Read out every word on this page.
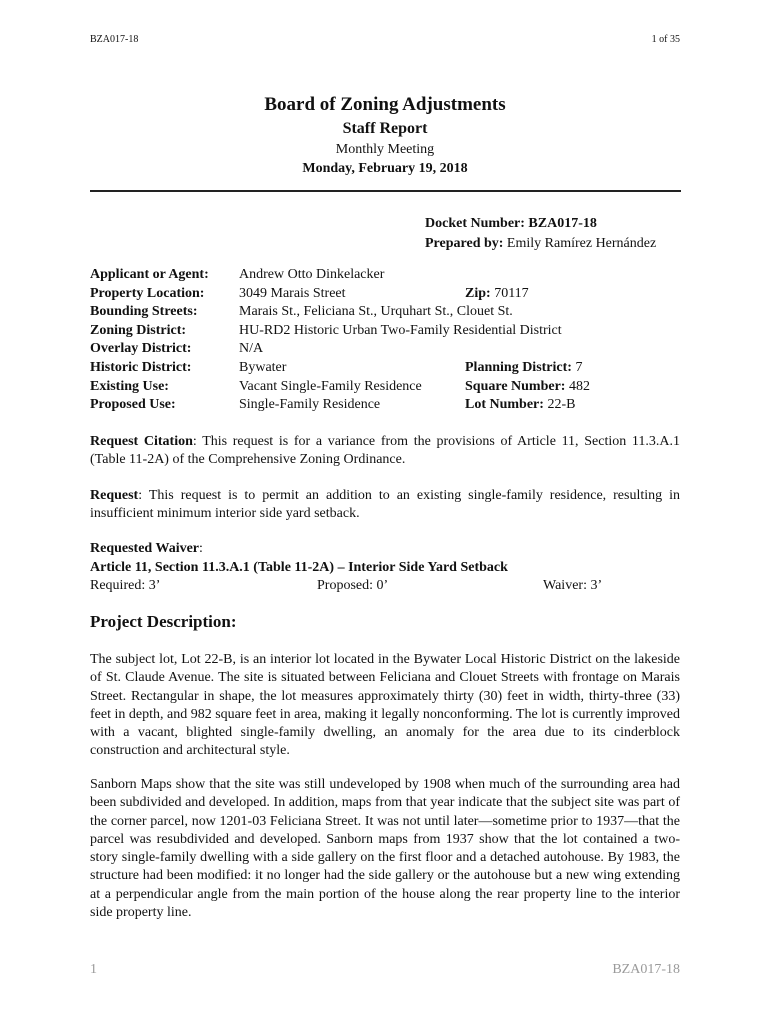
BZA017-18	1 of 35
Board of Zoning Adjustments
Staff Report
Monthly Meeting
Monday, February 19, 2018
Docket Number: BZA017-18
Prepared by: Emily Ramírez Hernández
Applicant or Agent: Andrew Otto Dinkelacker
Property Location: 3049 Marais Street	Zip: 70117
Bounding Streets:	Marais St., Feliciana St., Urquhart St., Clouet St.
Zoning District:	HU-RD2 Historic Urban Two-Family Residential District
Overlay District:	N/A
Historic District:	Bywater	Planning District: 7
Existing Use:	Vacant Single-Family Residence	Square Number: 482
Proposed Use:	Single-Family Residence	Lot Number: 22-B

Request Citation: This request is for a variance from the provisions of Article 11, Section 11.3.A.1 (Table 11-2A) of the Comprehensive Zoning Ordinance.

Request: This request is to permit an addition to an existing single-family residence, resulting in insufficient minimum interior side yard setback.

Requested Waiver:
Article 11, Section 11.3.A.1 (Table 11-2A) – Interior Side Yard Setback
Required: 3’	Proposed: 0’	Waiver: 3’
Project Description:

The subject lot, Lot 22-B, is an interior lot located in the Bywater Local Historic District on the lakeside of St. Claude Avenue. The site is situated between Feliciana and Clouet Streets with frontage on Marais Street. Rectangular in shape, the lot measures approximately thirty (30) feet in width, thirty-three (33) feet in depth, and 982 square feet in area, making it legally nonconforming. The lot is currently improved with a vacant, blighted single-family dwelling, an anomaly for the area due to its cinderblock construction and architectural style.

Sanborn Maps show that the site was still undeveloped by 1908 when much of the surrounding area had been subdivided and developed. In addition, maps from that year indicate that the subject site was part of the corner parcel, now 1201-03 Feliciana Street. It was not until later—sometime prior to 1937—that the parcel was resubdivided and developed. Sanborn maps from 1937 show that the lot contained a two-story single-family dwelling with a side gallery on the first floor and a detached autohouse. By 1983, the structure had been modified: it no longer had the side gallery or the autohouse but a new wing extending at a perpendicular angle from the main portion of the house along the rear property line to the interior side property line.

1	BZA017-18
